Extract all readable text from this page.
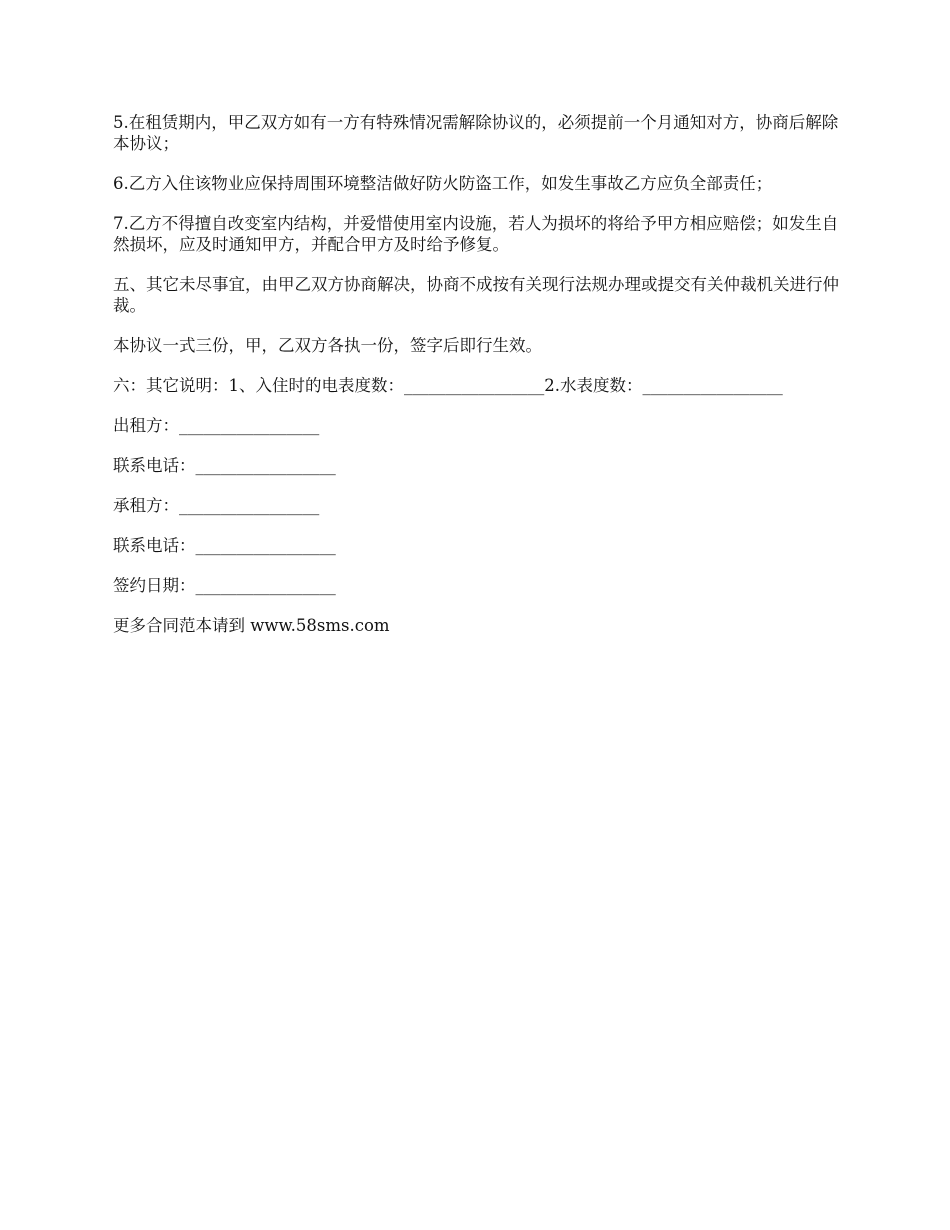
5.在租赁期内，甲乙双方如有一方有特殊情况需解除协议的，必须提前一个月通知对方，协商后解除本协议；

6.乙方入住该物业应保持周围环境整洁做好防火防盗工作，如发生事故乙方应负全部责任；

7.乙方不得擅自改变室内结构，并爱惜使用室内设施，若人为损坏的将给予甲方相应赔偿；如发生自然损坏，应及时通知甲方，并配合甲方及时给予修复。

五、其它未尽事宜，由甲乙双方协商解决，协商不成按有关现行法规办理或提交有关仲裁机关进行仲裁。

本协议一式三份，甲，乙双方各执一份，签字后即行生效。

六：其它说明：1、入住时的电表度数：_________________2.水表度数：_________________

出租方：_________________

联系电话：_________________

承租方：_________________

联系电话：_________________

签约日期：_________________

更多合同范本请到 www.58sms.com
